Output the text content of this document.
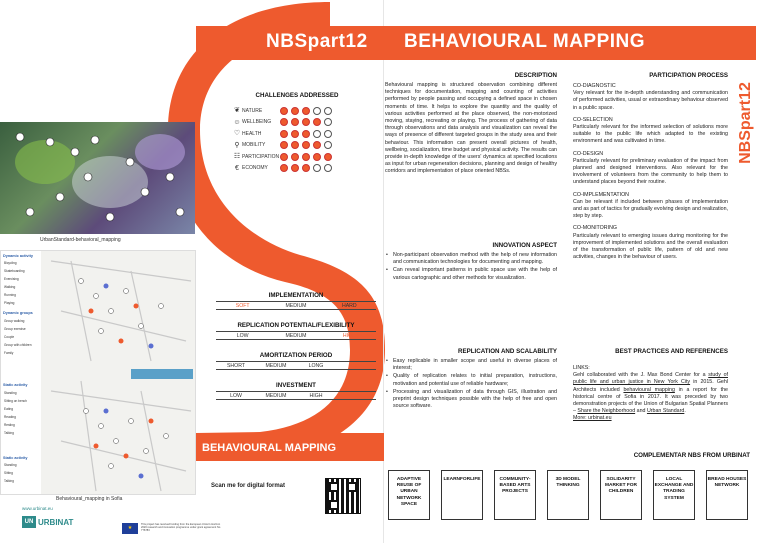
NBSpart12 BEHAVIOURAL MAPPING
NBSpart12
UrbanStandard-behavioral_mapping
Dynamic activity
Dynamic groups
Static activity
Static activity
Bicycling
Skateboarding
Exercising
Walking
Running
Playing
Group walking
Group exercise
Couple
Group with children
Family
Standing
Sitting on bench
Eating
Reading
Resting
Talking
Standing
Sitting
Talking
Behavioural_mapping in Sofia
CHALLENGES ADDRESSED
❦ NATURE
☺ WELLBEING
♡ HEALTH
⚲ MOBILITY
☷ PARTICIPATION
€ ECONOMY
IMPLEMENTATION
SOFT	MEDIUM	HARD
REPLICATION POTENTIAL/FLEXIBILITY
LOW	MEDIUM	HIGH
AMORTIZATION PERIOD
SHORT	MEDIUM	LONG	NA
INVESTMENT
LOW	MEDIUM	HIGH	NA
DESCRIPTION
Behavioural mapping is structured observation combining different techniques for documentation, mapping and counting of activities performed by people passing and occupying a defined space in chosen moments of time. It helps to explore the quantity and the quality of various activities performed at the place observed, the non-motorized moving, staying, recreating or playing. The process of gathering of data through observations and data analysis and visualization can reveal the ways of presence of different targeted groups in the study area and their behaviour. This information can present overall pictures of health, wellbeing, socialization, time budget and physical activity. The results can provide in-depth knowledge of the users' dynamics at specified locations as input for urban regeneration decisions, planning and design of healthy corridors and implementation of place oriented NBSs.
INNOVATION ASPECT
• Non-participant observation method with the help of new information and communication technologies for documenting and mapping.
• Can reveal important patterns in public space use with the help of various cartographic and other methods for visualization.
REPLICATION AND SCALABILITY
• Easy replicable in smaller scope and useful in diverse places of interest;
• Quality of replication relates to initial preparation, instructions, motivation and potential use of reliable hardware;
• Processing and visualization of data through GIS, illustration and preprint design techniques possible with the help of free and open source software.
PARTICIPATION PROCESS
CO-DIAGNOSTIC
Very relevant for the in-depth understanding and communication of performed activities, usual or extraordinary behaviour observed in a public space.
CO-SELECTION
Particularly relevant for the informed selection of solutions more suitable to the public life which adapted to the existing environment and was cultivated in time.
CO-DESIGN
Particularly relevant for preliminary evaluation of the impact from planned and designed interventions. Also relevant for the involvement of volunteers from the community to help them to understand places beyond their routine.
CO-IMPLEMENTATION
Can be relevant if included between phases of implementation and as part of tactics for gradually evolving design and realization, step by step.
CO-MONITORING
Particularly relevant to emerging issues during monitoring for the improvement of implemented solutions and the overall evaluation of the transformation of public life, pattern of old and new activities, changes in the behaviour of users.
BEST PRACTICES AND REFERENCES
LINKS:
Gehl collaborated with the J. Max Bond Center for a study of public life and urban justice in New York City in 2015. Gehl Architects included behavioural mapping in a report for the historical centre of Sofia in 2017. It was preceded by two demonstration projects of the Union of Bulgarian Spatial Planners – Share the Neighborhood and Urban Standard.
More: urbinat.eu
COMPLEMENTAR NBS FROM URBINAT
ADAPTIVE REUSE OF URBAN NETWORK SPACE
LEARNFORLIFE	COMMUNITY-BASED ARTS PROJECTS
3D MODEL THINKING
SOLIDARITY MARKET FOR CHILDREN
LOCAL EXCHANGE AND TRADING SYSTEM
BREAD HOUSES NETWORK
BEHAVIOURAL MAPPING
Scan me for digital format
www.urbinat.eu
UN URBINAT
★
This project has received funding from the European Union's Horizon 2020 research and innovation programme under grant agreement No 776783
